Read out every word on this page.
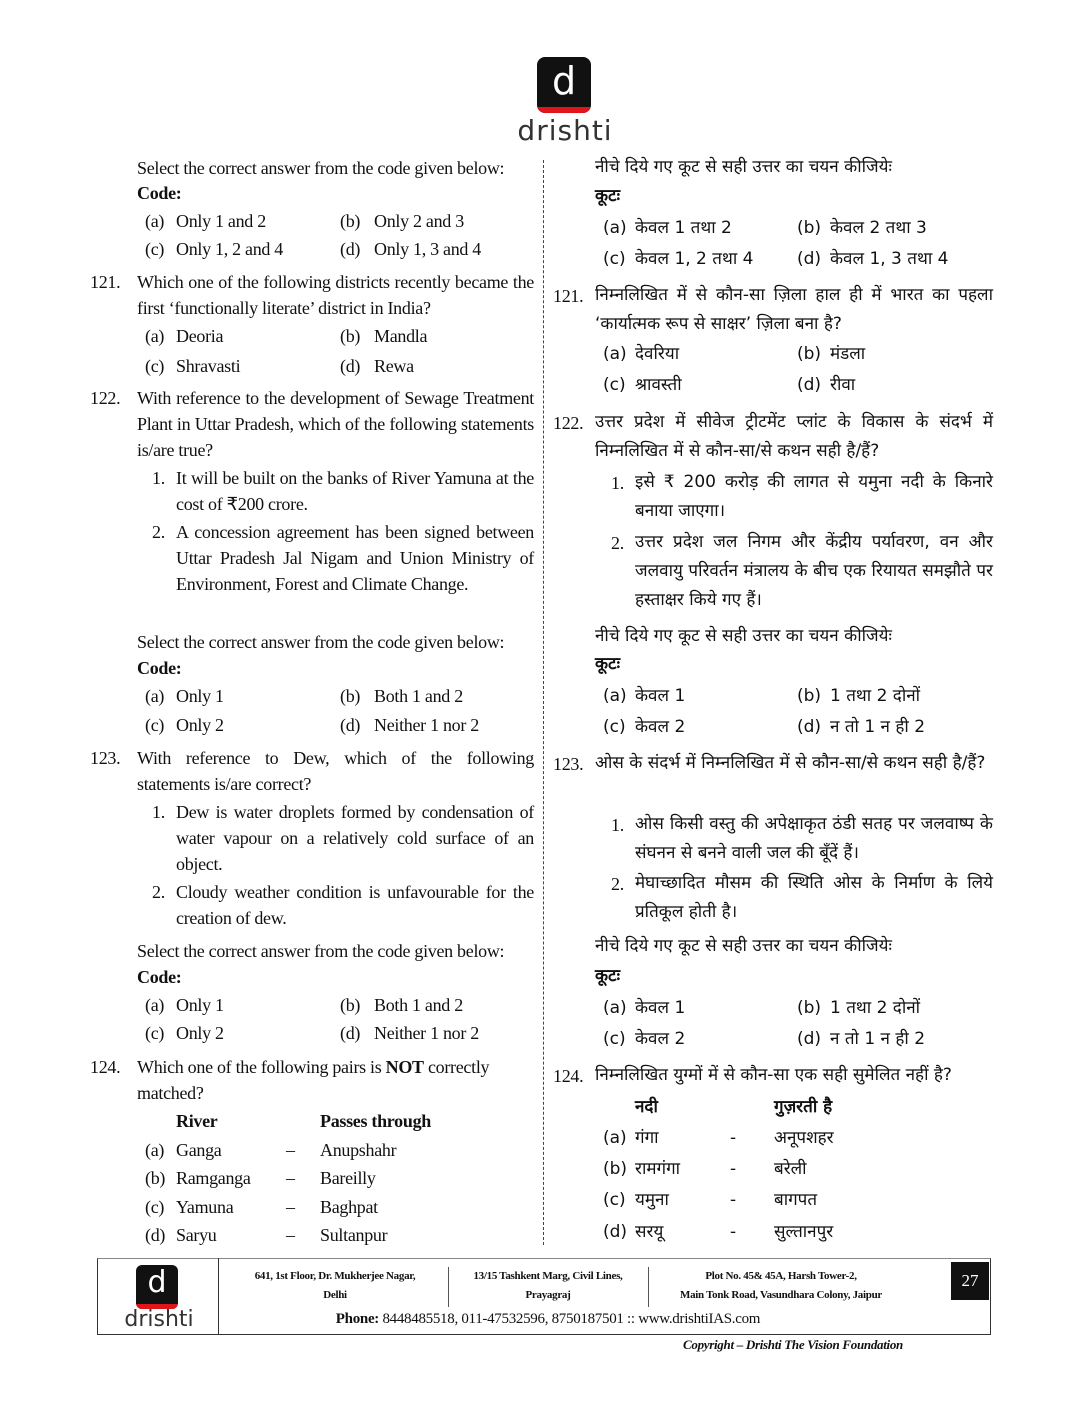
d
drishti
Select the correct answer from the code given below:
Code:
(a) Only 1 and 2	(b) Only 2 and 3
(c) Only 1, 2 and 4	(d) Only 1, 3 and 4
121. Which one of the following districts recently became the first ‘functionally literate’ district in India?
(a) Deoria	(b) Mandla
(c) Shravasti	(d) Rewa
122. With reference to the development of Sewage Treatment Plant in Uttar Pradesh, which of the following statements is/are true?
1. It will be built on the banks of River Yamuna at the cost of ₹200 crore.
2. A concession agreement has been signed between Uttar Pradesh Jal Nigam and Union Ministry of Environment, Forest and Climate Change.
Select the correct answer from the code given below:
Code:
(a) Only 1	(b) Both 1 and 2
(c) Only 2	(d) Neither 1 nor 2
123. With reference to Dew, which of the following statements is/are correct?
1. Dew is water droplets formed by condensation of water vapour on a relatively cold surface of an object.
2. Cloudy weather condition is unfavourable for the creation of dew.
Select the correct answer from the code given below:
Code:
(a) Only 1	(b) Both 1 and 2
(c) Only 2	(d) Neither 1 nor 2
124. Which one of the following pairs is NOT correctly matched?
River	Passes through
(a) Ganga	– Anupshahr
(b) Ramganga – Bareilly
(c) Yamuna	– Baghpat
(d) Saryu	– Sultanpur
नीचे दिये गए कूट से सही उत्तर का चयन कीजियेः
कूटः
(a) केवल 1 तथा 2	(b) केवल 2 तथा 3
(c) केवल 1, 2 तथा 4	(d) केवल 1, 3 तथा 4
121. निम्नलिखित में से कौन-सा ज़िला हाल ही में भारत का पहला ‘कार्यात्मक रूप से साक्षर’ ज़िला बना है?
(a) देवरिया	(b) मंडला
(c) श्रावस्ती	(d) रीवा
122. उत्तर प्रदेश में सीवेज ट्रीटमेंट प्लांट के विकास के संदर्भ में निम्नलिखित में से कौन-सा/से कथन सही है/हैं?
1. इसे ₹ 200 करोड़ की लागत से यमुना नदी के किनारे बनाया जाएगा।
2. उत्तर प्रदेश जल निगम और केंद्रीय पर्यावरण, वन और जलवायु परिवर्तन मंत्रालय के बीच एक रियायत समझौते पर हस्ताक्षर किये गए हैं।
नीचे दिये गए कूट से सही उत्तर का चयन कीजियेः
कूटः
(a) केवल 1	(b) 1 तथा 2 दोनों
(c) केवल 2	(d) न तो 1 न ही 2
123. ओस के संदर्भ में निम्नलिखित में से कौन-सा/से कथन सही है/हैं?
1. ओस किसी वस्तु की अपेक्षाकृत ठंडी सतह पर जलवाष्प के संघनन से बनने वाली जल की बूँदें हैं।
2. मेघाच्छादित मौसम की स्थिति ओस के निर्माण के लिये प्रतिकूल होती है।
नीचे दिये गए कूट से सही उत्तर का चयन कीजियेः
कूटः
(a) केवल 1	(b) 1 तथा 2 दोनों
(c) केवल 2	(d) न तो 1 न ही 2
124. निम्नलिखित युग्मों में से कौन-सा एक सही सुमेलित नहीं है?
नदी	गुज़रती है
(a) गंगा	- अनूपशहर
(b) रामगंगा	- बरेली
(c) यमुना	- बागपत
(d) सरयू	- सुल्तानपुर
d
drishti
641, 1st Floor, Dr. Mukherjee Nagar,
Delhi
13/15 Tashkent Marg, Civil Lines,
Prayagraj
Plot No. 45& 45A, Harsh Tower-2,
Main Tonk Road, Vasundhara Colony, Jaipur
27
Phone: 8448485518, 011-47532596, 8750187501 :: www.drishtiIAS.com
Copyright – Drishti The Vision Foundation
